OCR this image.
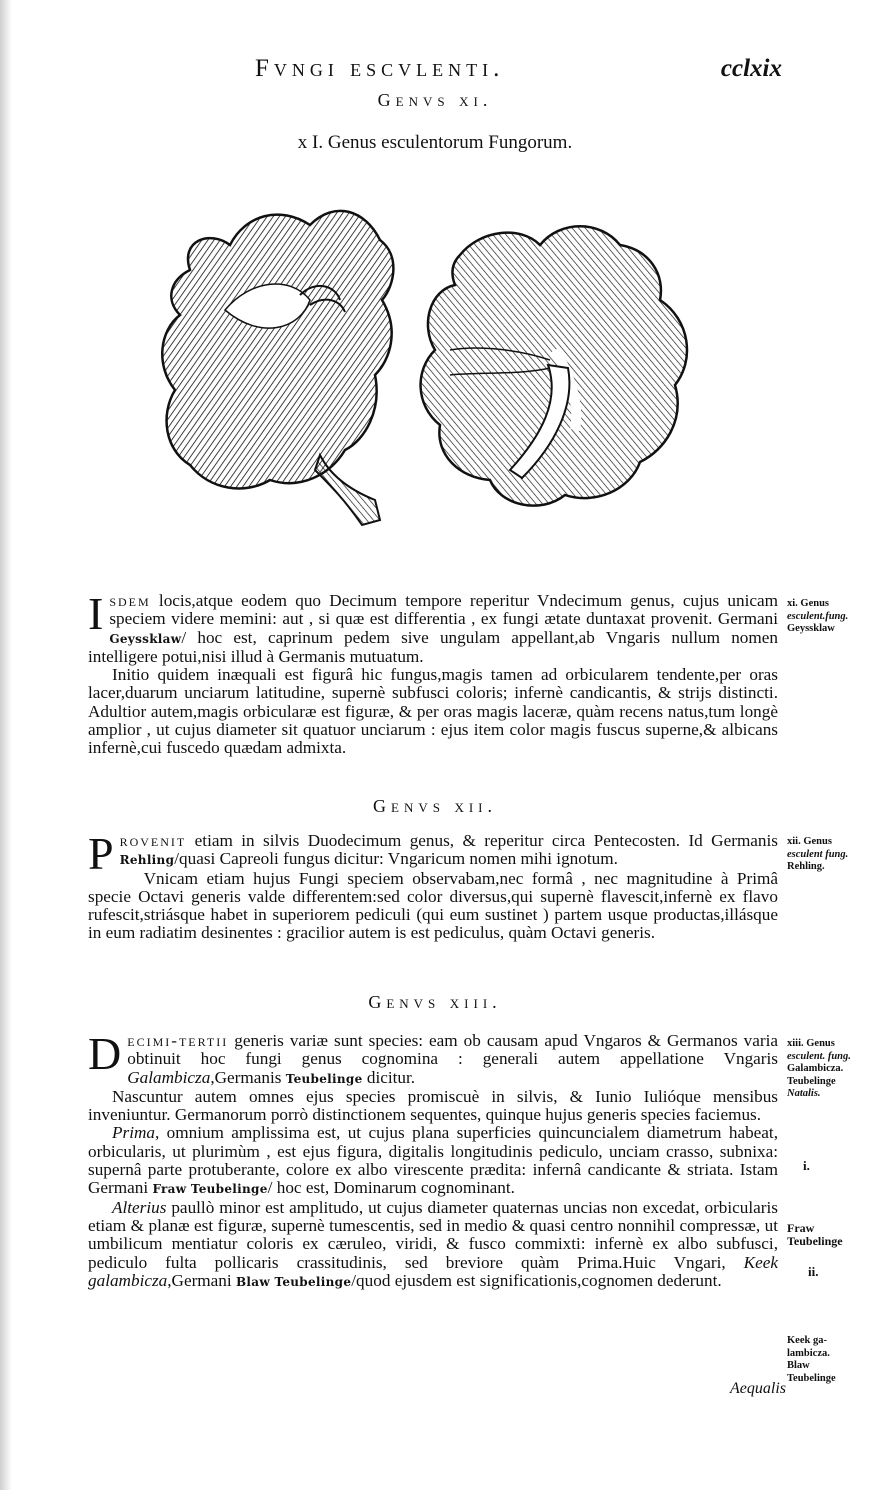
Fvngi escvlenti.	cclxix
Genvs xi.
x I. Genus esculentorum Fungorum.

Isdem locis,atque eodem quo Decimum tempore reperitur Vndecimum genus, cujus unicam speciem videre memini: aut , si quæ est differentia , ex fungi ætate duntaxat provenit. Germani Geyssklaw/ hoc est, caprinum pedem sive ungulam appellant,ab Vngaris nullum nomen intelligere potui,nisi illud à Germanis mutuatum.

Initio quidem inæquali est figurâ hic fungus,magis tamen ad orbicularem tendente,per oras lacer,duarum unciarum latitudine, supernè subfusci coloris; infernè candicantis, & strijs distincti. Adultior autem,magis orbicularæ est figuræ, & per oras magis laceræ, quàm recens natus,tum longè amplior , ut cujus diameter sit quatuor unciarum : ejus item color magis fuscus superne,& albicans infernè,cui fuscedo quædam admixta.

Genvs xii.

Provenit etiam in silvis Duodecimum genus, & reperitur circa Pentecosten. Id Germanis Rehling/quasi Capreoli fungus dicitur: Vngaricum nomen mihi ignotum.

Vnicam etiam hujus Fungi speciem observabam,nec formâ , nec magnitudine à Primâ specie Octavi generis valde differentem:sed color diversus,qui supernè flavescit,infernè ex flavo rufescit,striásque habet in superiorem pediculi (qui eum sustinet ) partem usque productas,illásque in eum radiatim desinentes : gracilior autem is est pediculus, quàm Octavi generis.

Genvs xiii.

Decimi-tertii generis variæ sunt species: eam ob causam apud Vngaros & Germanos varia obtinuit hoc fungi genus cognomina : generali autem appellatione Vngaris Galambicza,Germanis Teubelinge dicitur.

Nascuntur autem omnes ejus species promiscuè in silvis, & Iunio Iulióque mensibus inveniuntur. Germanorum porrò distinctionem sequentes, quinque hujus generis species faciemus.

Prima, omnium amplissima est, ut cujus plana superficies quincuncialem diametrum habeat, orbicularis, ut plurimùm , est ejus figura, digitalis longitudinis pediculo, unciam crasso, subnixa: supernâ parte protuberante, colore ex albo virescente prædita: infernâ candicante & striata. Istam Germani Fraw Teubelinge/ hoc est, Dominarum cognominant.

Alterius paullò minor est amplitudo, ut cujus diameter quaternas uncias non excedat, orbicularis etiam & planæ est figuræ, supernè tumescentis, sed in medio & quasi centro nonnihil compressæ, ut umbilicum mentiatur coloris ex cæruleo, viridi, & fusco commixti: infernè ex albo subfusci, pediculo fulta pollicaris crassitudinis, sed breviore quàm Prima.Huic Vngari, Keek galambicza,Germani Blaw Teubelinge/quod ejusdem est significationis,cognomen dederunt.

xi. Genus
esculent.fung.
Geyssklaw
xii. Genus
esculent fung.
Rehling.
xiii. Genus
esculent. fung.
Galambicza.
Teubelinge
Natalis.
i.
Fraw
Teubelinge
ii.
Keek ga-
lambicza.
Blaw
Teubelinge
Aequalis
